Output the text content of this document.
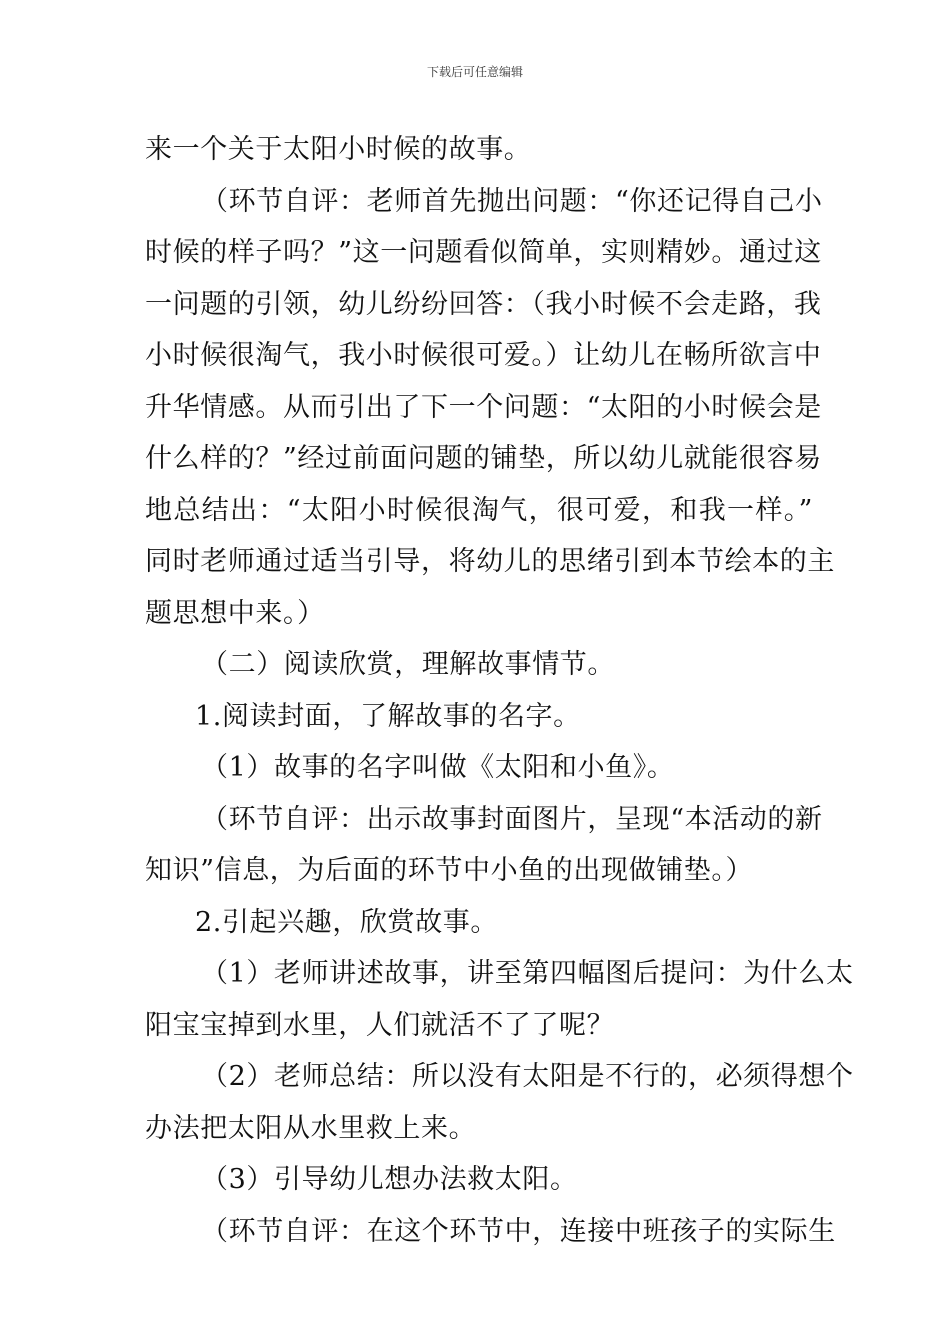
下载后可任意编辑
来一个关于太阳小时候的故事。
（环节自评：老师首先抛出问题：“你还记得自己小
时候的样子吗？”这一问题看似简单，实则精妙。通过这
一问题的引领，幼儿纷纷回答：（我小时候不会走路，我
小时候很淘气，我小时候很可爱。）让幼儿在畅所欲言中
升华情感。从而引出了下一个问题：“太阳的小时候会是
什么样的？”经过前面问题的铺垫，所以幼儿就能很容易
地总结出：“太阳小时候很淘气，很可爱，和我一样。”
同时老师通过适当引导，将幼儿的思绪引到本节绘本的主
题思想中来。）
（二）阅读欣赏，理解故事情节。
1.阅读封面，了解故事的名字。
（1）故事的名字叫做《太阳和小鱼》。
（环节自评：出示故事封面图片，呈现“本活动的新
知识”信息，为后面的环节中小鱼的出现做铺垫。）
2.引起兴趣，欣赏故事。
（1）老师讲述故事，讲至第四幅图后提问：为什么太
阳宝宝掉到水里，人们就活不了了呢？
（2）老师总结：所以没有太阳是不行的，必须得想个
办法把太阳从水里救上来。
（3）引导幼儿想办法救太阳。
（环节自评：在这个环节中，连接中班孩子的实际生
